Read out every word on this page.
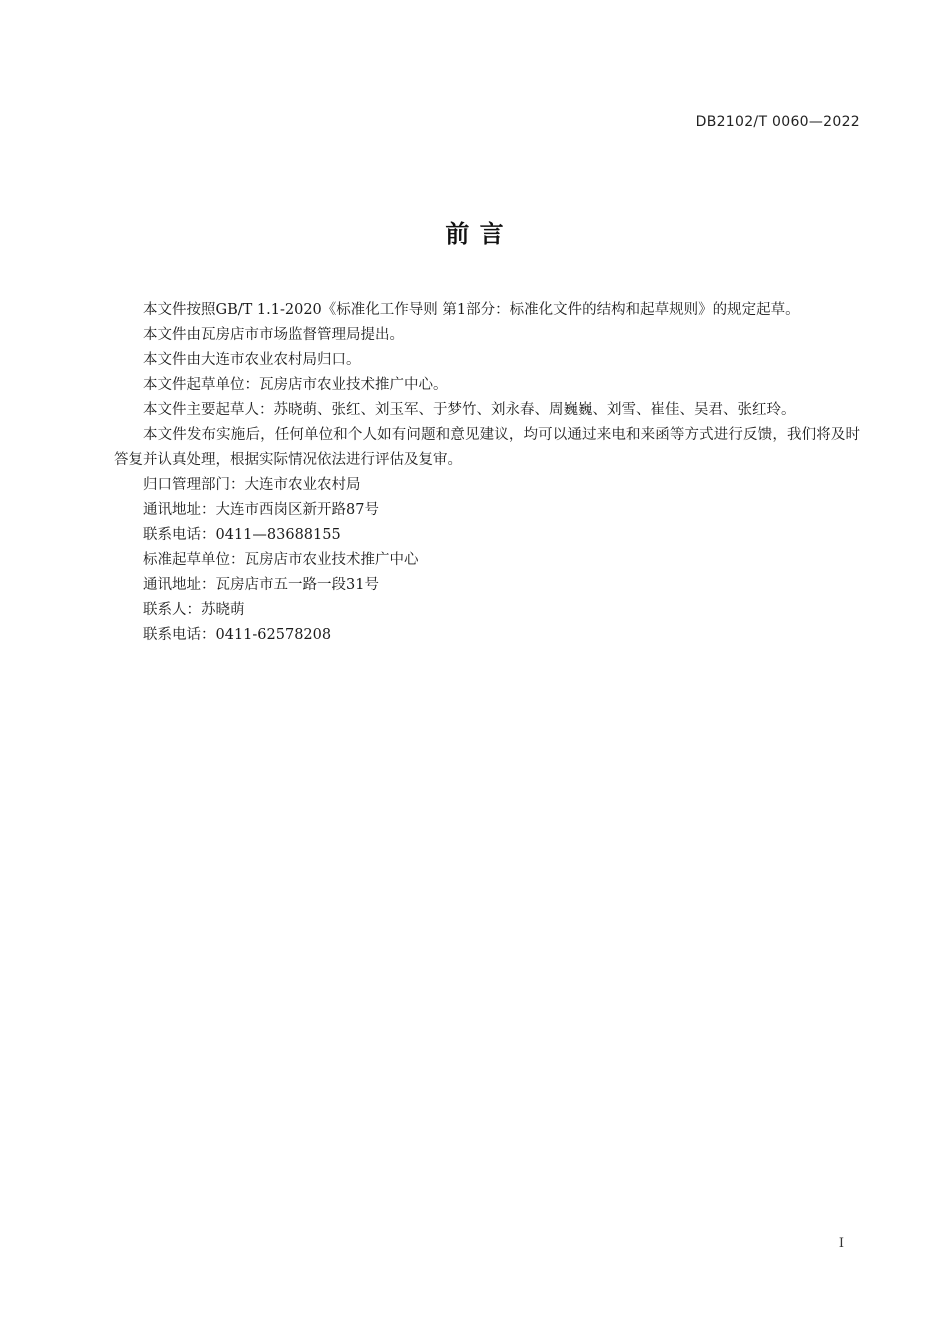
DB2102/T 0060—2022
前 言

本文件按照GB/T 1.1-2020《标准化工作导则 第1部分：标准化文件的结构和起草规则》的规定起草。

本文件由瓦房店市市场监督管理局提出。

本文件由大连市农业农村局归口。

本文件起草单位：瓦房店市农业技术推广中心。

本文件主要起草人：苏晓萌、张红、刘玉军、于梦竹、刘永春、周巍巍、刘雪、崔佳、吴君、张红玲。

本文件发布实施后，任何单位和个人如有问题和意见建议，均可以通过来电和来函等方式进行反馈，我们将及时答复并认真处理，根据实际情况依法进行评估及复审。

归口管理部门：大连市农业农村局

通讯地址：大连市西岗区新开路87号

联系电话：0411—83688155

标准起草单位：瓦房店市农业技术推广中心

通讯地址：瓦房店市五一路一段31号

联系人：苏晓萌

联系电话：0411-62578208

I
